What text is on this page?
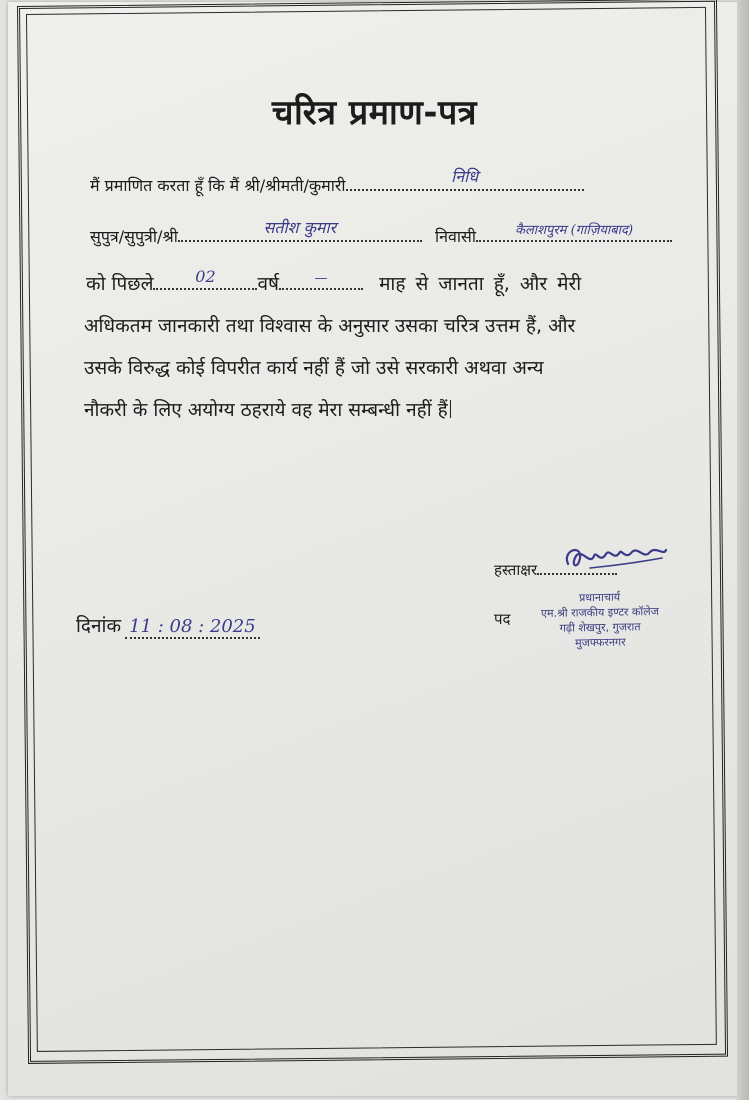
चरित्र प्रमाण-पत्र
मैं प्रमाणित करता हूँ कि मैं श्री/श्रीमती/कुमारी	निधि
सुपुत्र/सुपुत्री/श्री	सतीश कुमार	निवासी	कैलाशपुरम (गाज़ियाबाद)
को पिछले	02	वर्ष	—	माह से जानता हूँ, और मेरी
अधिकतम जानकारी तथा विश्वास के अनुसार उसका चरित्र उत्तम हैं, और
उसके विरुद्ध कोई विपरीत कार्य नहीं हैं जो उसे सरकारी अथवा अन्य
नौकरी के लिए अयोग्य ठहराये वह मेरा सम्बन्धी नहीं हैं
हस्ताक्षर
पद
प्रधानाचार्य
एम.श्री राजकीय इण्टर कॉलेज
गढ़ी शेखपुर, गुजरात
मुजफ्फरनगर
दिनांक 11 : 08 : 2025
